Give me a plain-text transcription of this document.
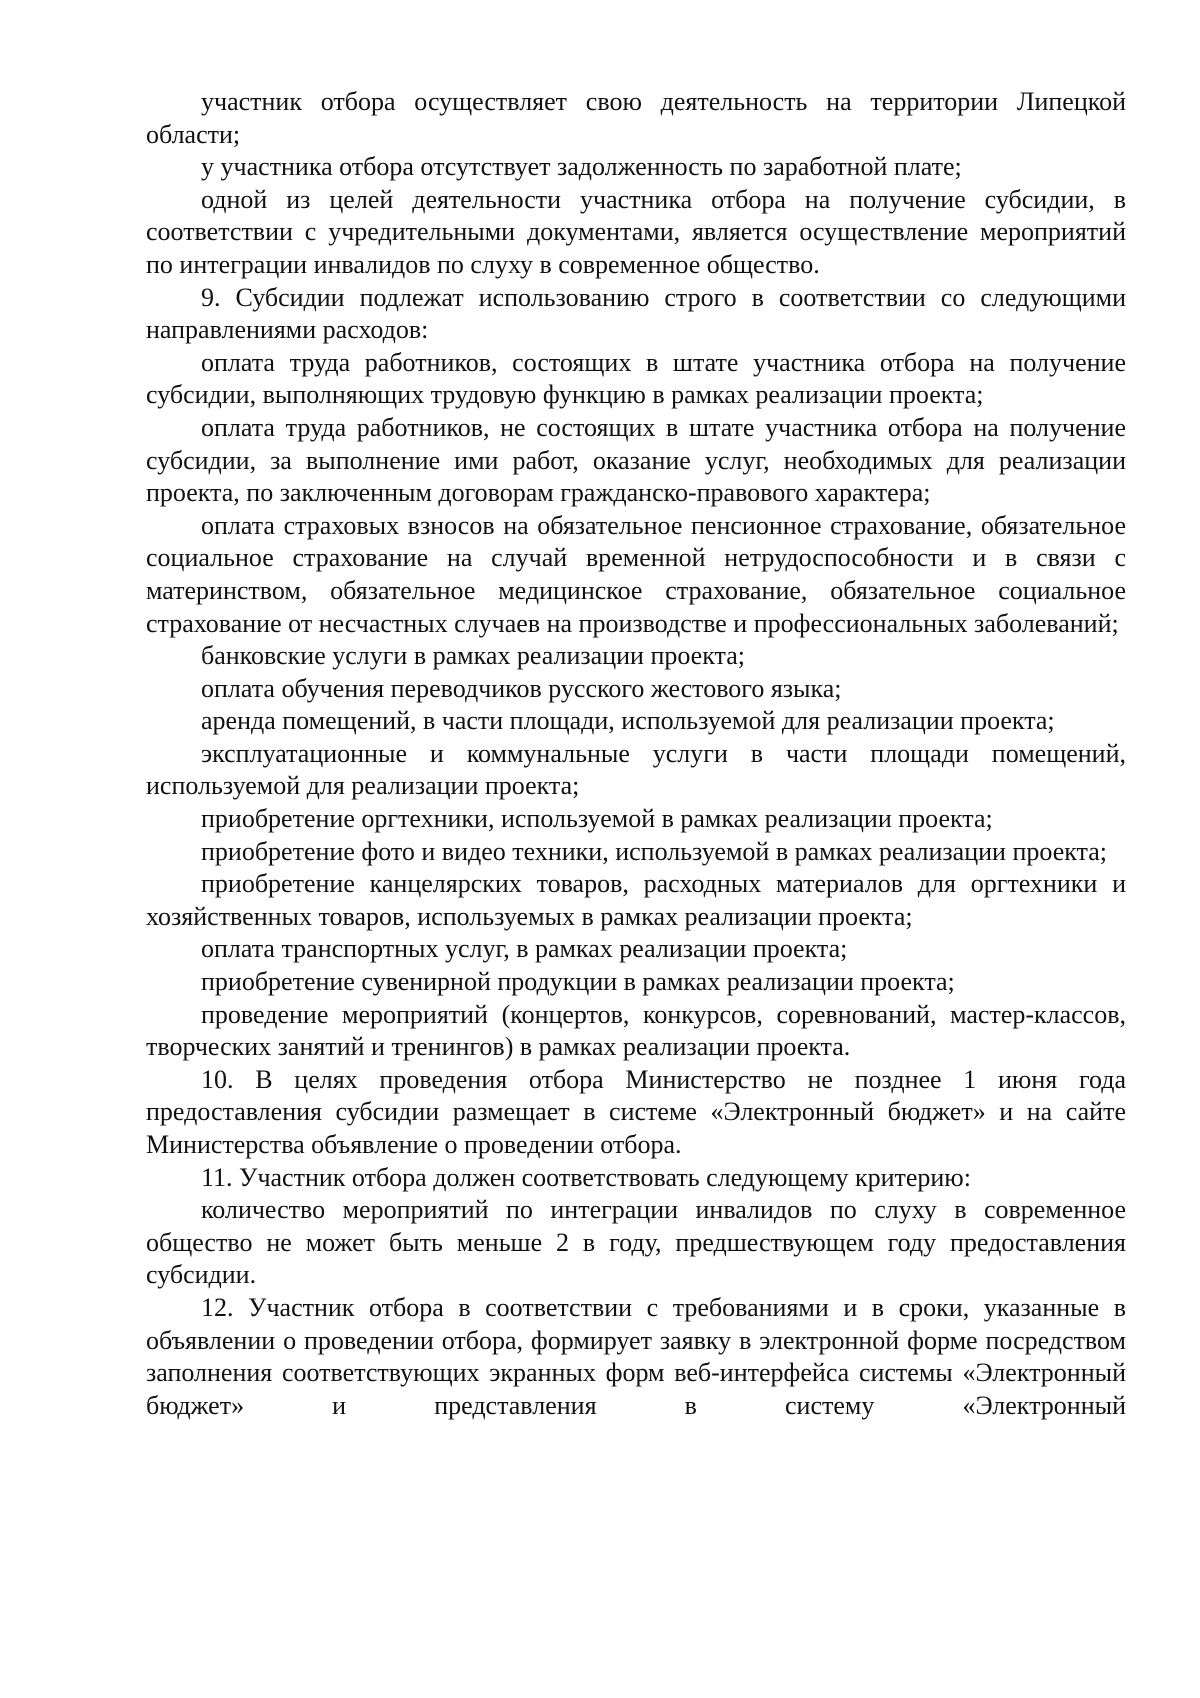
участник отбора осуществляет свою деятельность на территории Липецкой области;

у участника отбора отсутствует задолженность по заработной плате;

одной из целей деятельности участника отбора на получение субсидии, в соответствии с учредительными документами, является осуществление мероприятий по интеграции инвалидов по слуху в современное общество.

9. Субсидии подлежат использованию строго в соответствии со следующими направлениями расходов:

оплата труда работников, состоящих в штате участника отбора на получение субсидии, выполняющих трудовую функцию в рамках реализации проекта;

оплата труда работников, не состоящих в штате участника отбора на получение субсидии, за выполнение ими работ, оказание услуг, необходимых для реализации проекта, по заключенным договорам гражданско-правового характера;

оплата страховых взносов на обязательное пенсионное страхование, обязательное социальное страхование на случай временной нетрудоспособности и в связи с материнством, обязательное медицинское страхование, обязательное социальное страхование от несчастных случаев на производстве и профессиональных заболеваний;

банковские услуги в рамках реализации проекта;

оплата обучения переводчиков русского жестового языка;

аренда помещений, в части площади, используемой для реализации проекта;

эксплуатационные и коммунальные услуги в части площади помещений, используемой для реализации проекта;

приобретение оргтехники, используемой в рамках реализации проекта;

приобретение фото и видео техники, используемой в рамках реализации проекта;

приобретение канцелярских товаров, расходных материалов для оргтехники и хозяйственных товаров, используемых в рамках реализации проекта;

оплата транспортных услуг, в рамках реализации проекта;

приобретение сувенирной продукции в рамках реализации проекта;

проведение мероприятий (концертов, конкурсов, соревнований, мастер-классов, творческих занятий и тренингов) в рамках реализации проекта.

10. В целях проведения отбора Министерство не позднее 1 июня года предоставления субсидии размещает в системе «Электронный бюджет» и на сайте Министерства объявление о проведении отбора.

11. Участник отбора должен соответствовать следующему критерию:

количество мероприятий по интеграции инвалидов по слуху в современное общество не может быть меньше 2 в году, предшествующем году предоставления субсидии.

12. Участник отбора в соответствии с требованиями и в сроки, указанные в объявлении о проведении отбора, формирует заявку в электронной форме посредством заполнения соответствующих экранных форм веб-интерфейса системы «Электронный бюджет» и представления в систему «Электронный
